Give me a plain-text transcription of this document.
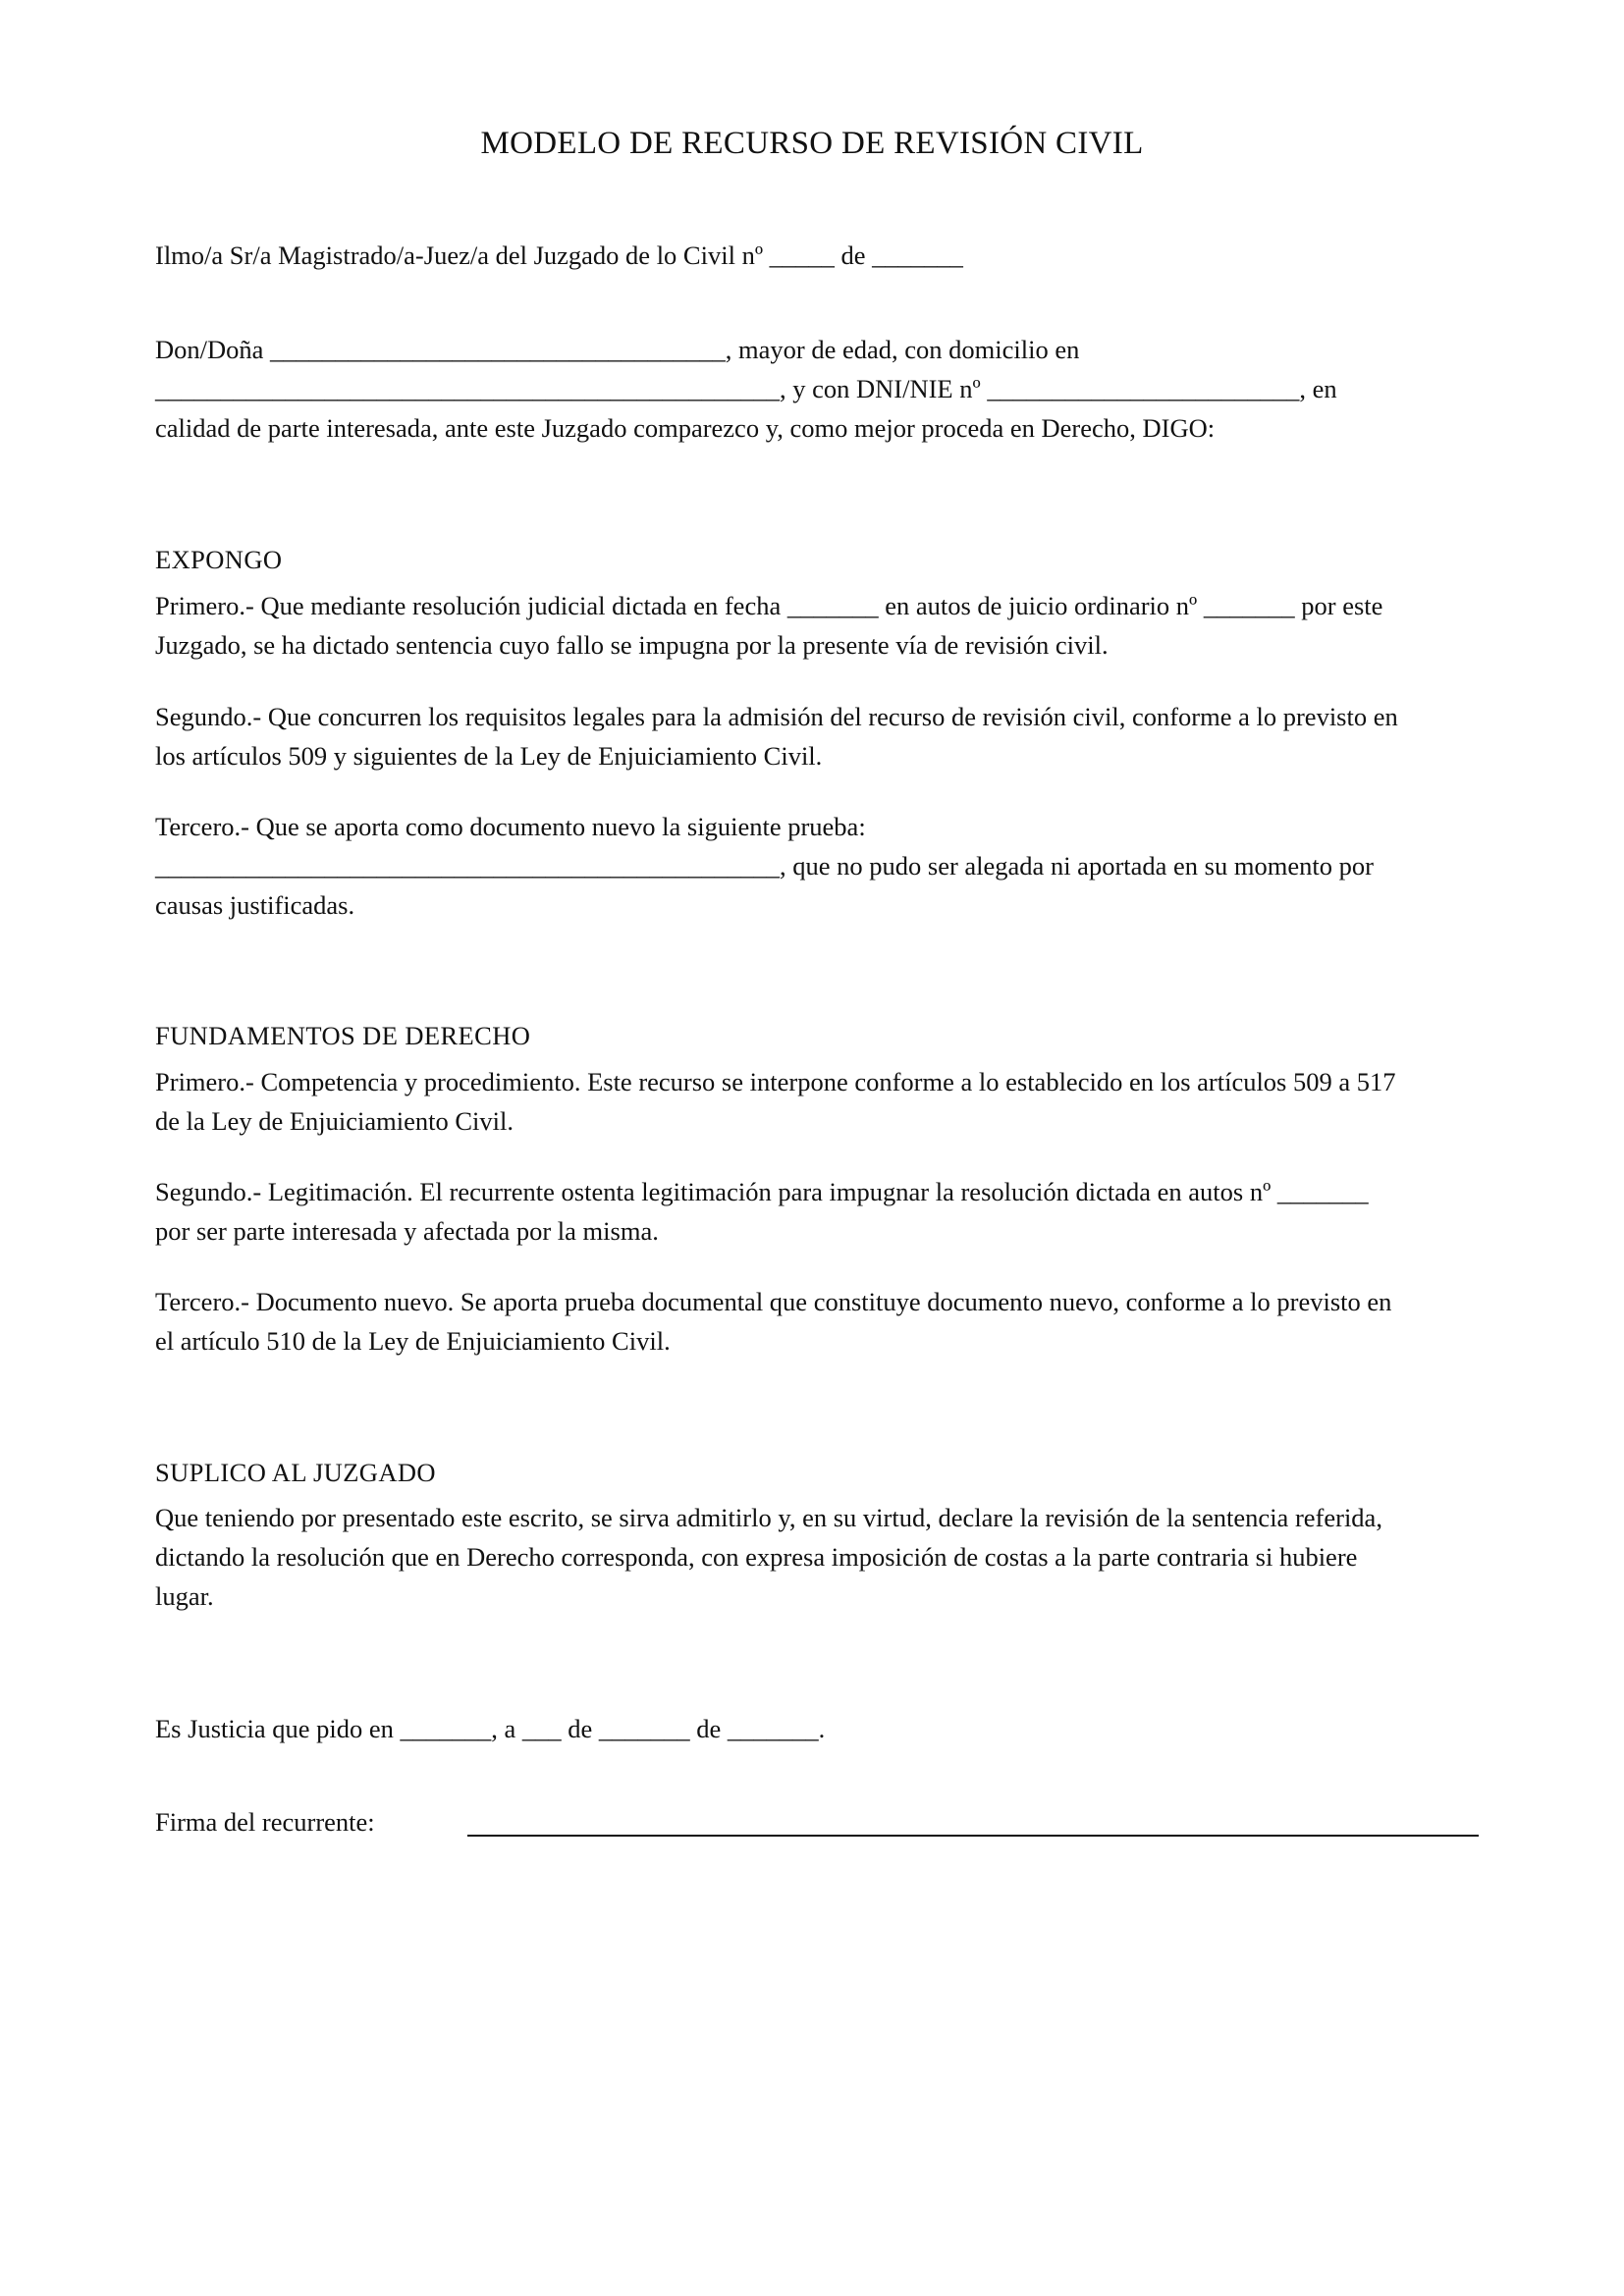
MODELO DE RECURSO DE REVISIÓN CIVIL
Ilmo/a Sr/a Magistrado/a-Juez/a del Juzgado de lo Civil nº _____ de _______
Don/Doña ___________________________________, mayor de edad, con domicilio en
________________________________________________, y con DNI/NIE nº ________________________, en
calidad de parte interesada, ante este Juzgado comparezco y, como mejor proceda en Derecho, DIGO:
EXPONGO
Primero.- Que mediante resolución judicial dictada en fecha _______ en autos de juicio ordinario nº _______ por este
Juzgado, se ha dictado sentencia cuyo fallo se impugna por la presente vía de revisión civil.
Segundo.- Que concurren los requisitos legales para la admisión del recurso de revisión civil, conforme a lo previsto en
los artículos 509 y siguientes de la Ley de Enjuiciamiento Civil.
Tercero.- Que se aporta como documento nuevo la siguiente prueba:
________________________________________________, que no pudo ser alegada ni aportada en su momento por
causas justificadas.
FUNDAMENTOS DE DERECHO
Primero.- Competencia y procedimiento. Este recurso se interpone conforme a lo establecido en los artículos 509 a 517
de la Ley de Enjuiciamiento Civil.
Segundo.- Legitimación. El recurrente ostenta legitimación para impugnar la resolución dictada en autos nº _______
por ser parte interesada y afectada por la misma.
Tercero.- Documento nuevo. Se aporta prueba documental que constituye documento nuevo, conforme a lo previsto en
el artículo 510 de la Ley de Enjuiciamiento Civil.
SUPLICO AL JUZGADO
Que teniendo por presentado este escrito, se sirva admitirlo y, en su virtud, declare la revisión de la sentencia referida,
dictando la resolución que en Derecho corresponda, con expresa imposición de costas a la parte contraria si hubiere
lugar.
Es Justicia que pido en _______, a ___ de _______ de _______.
Firma del recurrente:
